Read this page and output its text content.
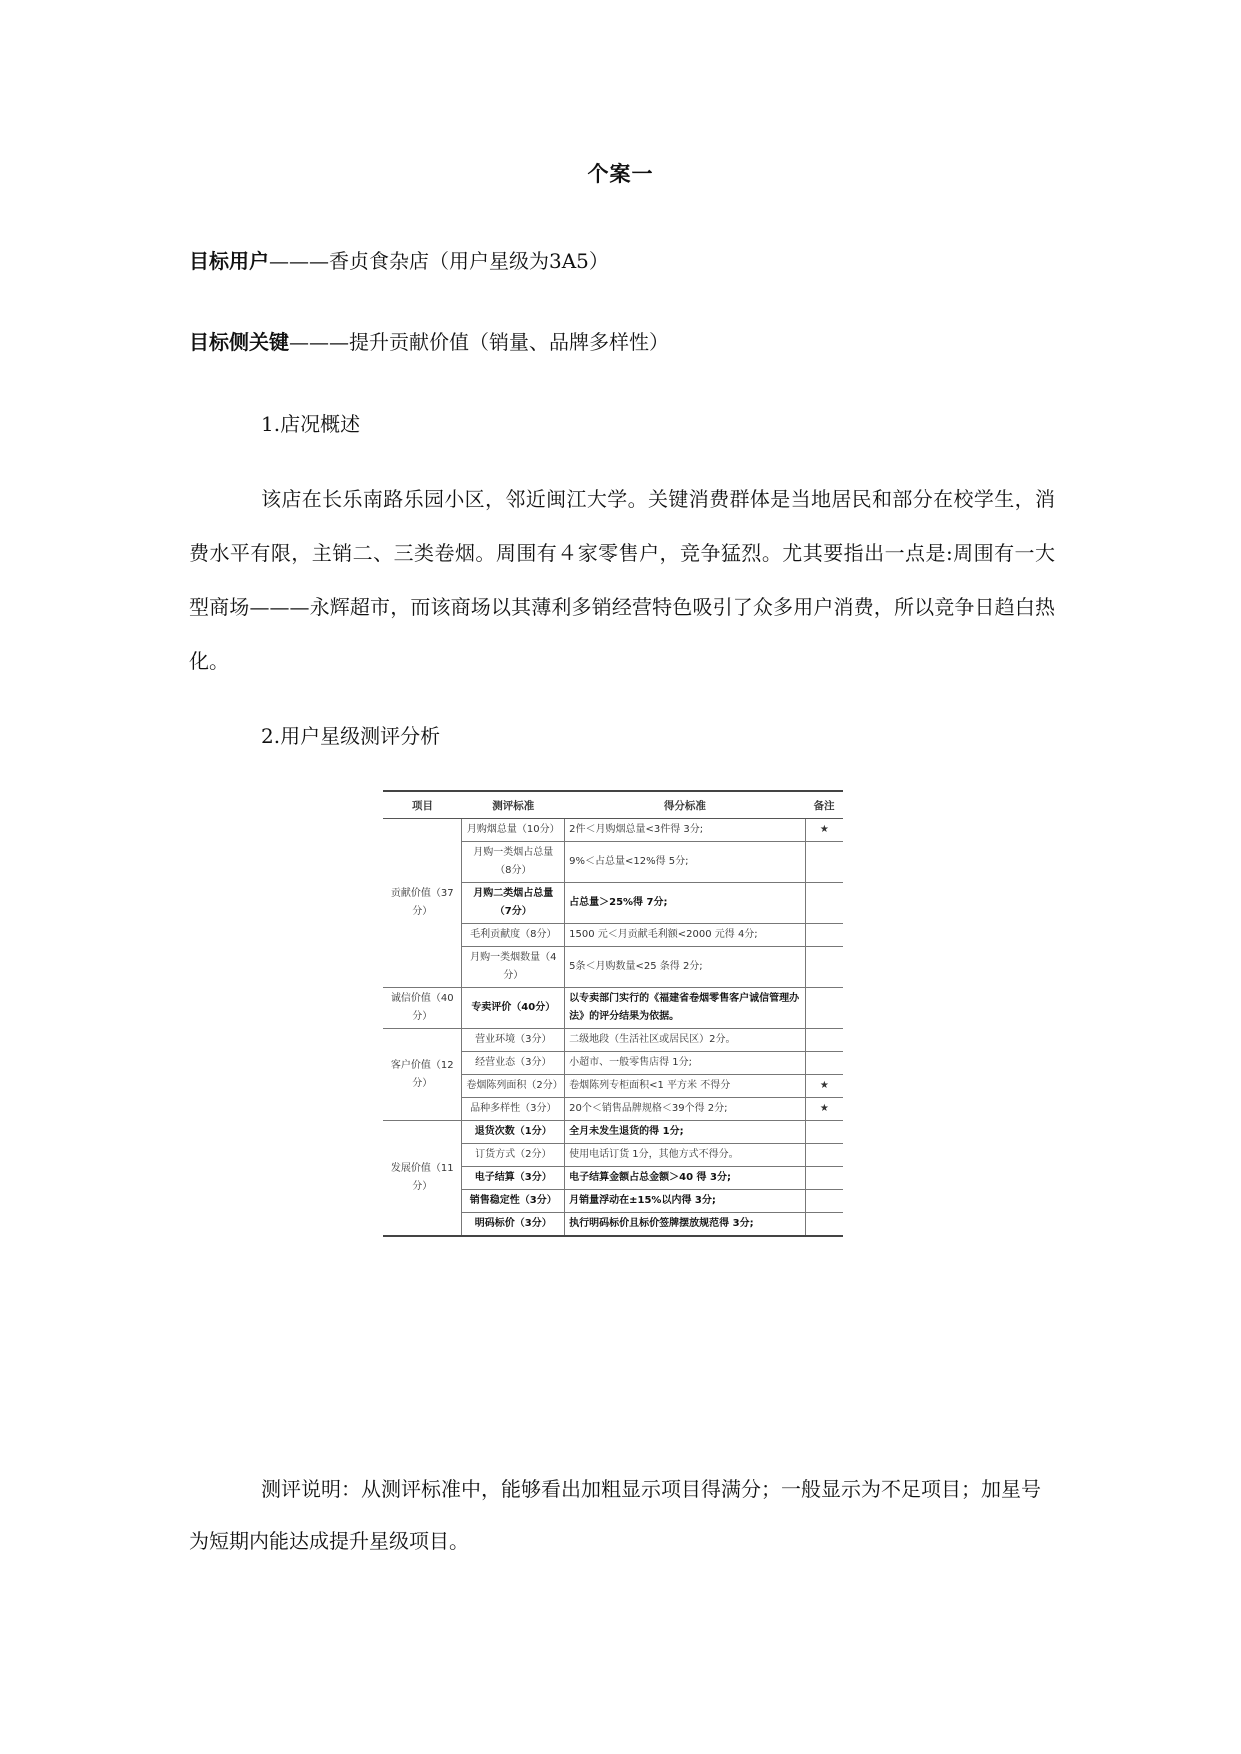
个案一
目标用户———香贞食杂店（用户星级为3A5）
目标侧关键———提升贡献价值（销量、品牌多样性）
1.店况概述
该店在长乐南路乐园小区，邻近闽江大学。关键消费群体是当地居民和部分在校学生，消费水平有限，主销二、三类卷烟。周围有４家零售户，竞争猛烈。尤其要指出一点是:周围有一大型商场———永辉超市，而该商场以其薄利多销经营特色吸引了众多用户消费，所以竞争日趋白热化。
2.用户星级测评分析
项目	测评标准	得分标准	备注
贡献价值（37分）	月购烟总量（10分）	2件＜月购烟总量<3件得 3分;	★
	月购一类烟占总量（8分）	9%＜占总量<12%得 5分;	
	月购二类烟占总量（7分）	占总量＞25%得 7分;	
	毛利贡献度（8分）	1500 元＜月贡献毛利额<2000 元得 4分;	
	月购一类烟数量（4分）	5条＜月购数量<25 条得 2分;	
诚信价值（40分）	专卖评价（40分）	以专卖部门实行的《福建省卷烟零售客户诚信管理办法》的评分结果为依据。	
客户价值（12分）	营业环境（3分）	二级地段（生活社区或居民区）2分。	
	经营业态（3分）	小超市、一般零售店得 1分;	
	卷烟陈列面积（2分）	卷烟陈列专柜面积<1 平方米 不得分	★
	品种多样性（3分）	20个＜销售品牌规格＜39个得 2分;	★
发展价值（11分）	退货次数（1分）	全月未发生退货的得 1分;	
	订货方式（2分）	使用电话订货 1分，其他方式不得分。	
	电子结算（3分）	电子结算金额占总金额＞40 得 3分;	
	销售稳定性（3分）	月销量浮动在±15%以内得 3分;	
	明码标价（3分）	执行明码标价且标价签牌摆放规范得 3分;	
测评说明：从测评标准中，能够看出加粗显示项目得满分；一般显示为不足项目；加星号为短期内能达成提升星级项目。
